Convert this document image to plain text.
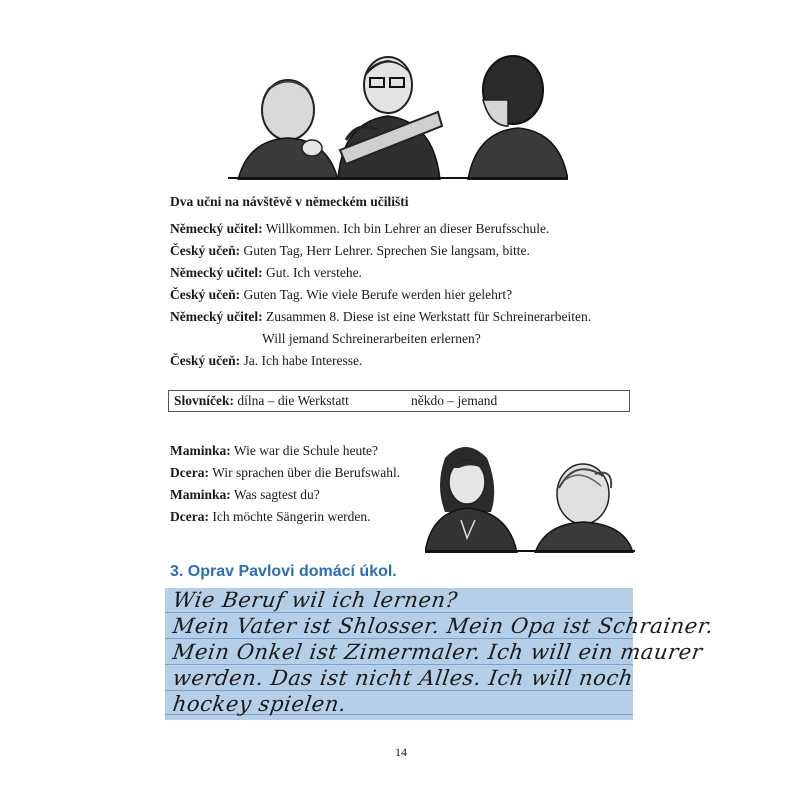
Dva učni na návštěvě v německém učilišti
Německý učitel: Willkommen. Ich bin Lehrer an dieser Berufsschule.
Český učeň: Guten Tag, Herr Lehrer. Sprechen Sie langsam, bitte.
Německý učitel: Gut. Ich verstehe.
Český učeň: Guten Tag. Wie viele Berufe werden hier gelehrt?
Německý učitel: Zusammen 8. Diese ist eine Werkstatt für Schreinerarbeiten.
Will jemand Schreinerarbeiten erlernen?
Český učeň: Ja. Ich habe Interesse.
Slovníček: dílna – die Werkstatt	někdo – jemand
Maminka: Wie war die Schule heute?
Dcera: Wir sprachen über die Berufswahl.
Maminka: Was sagtest du?
Dcera: Ich möchte Sängerin werden.
3. Oprav Pavlovi domácí úkol.
Wie Beruf wil ich lernen?
Mein Vater ist Shlosser. Mein Opa ist Schrainer.
Mein Onkel ist Zimermaler. Ich will ein maurer
werden. Das ist nicht Alles. Ich will noch
hockey spielen.
14
